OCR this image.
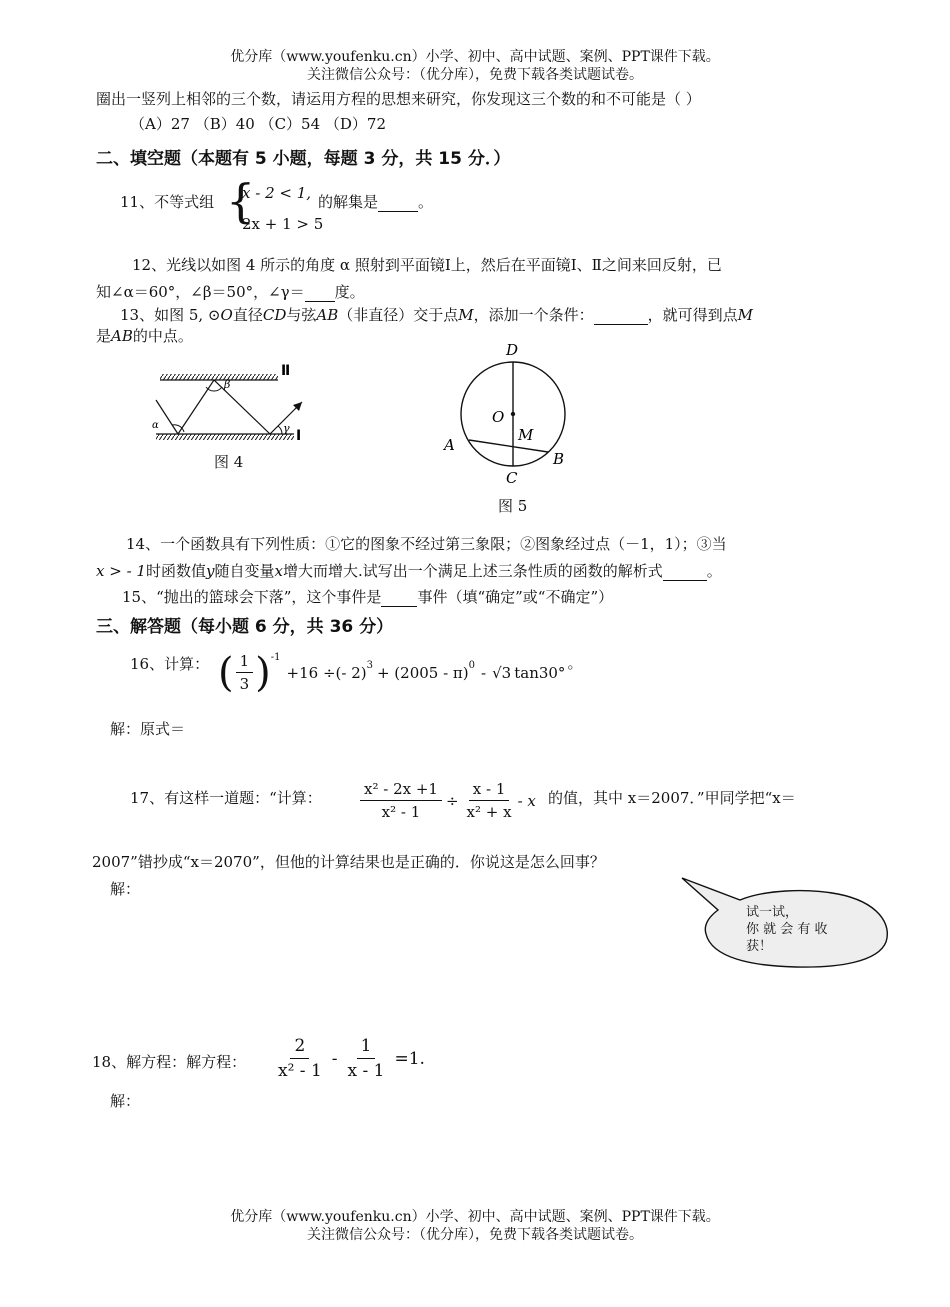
优分库（www.youfenku.cn）小学、初中、高中试题、案例、PPT课件下载。
关注微信公众号：（优分库），免费下载各类试题试卷。
圈出一竖列上相邻的三个数，请运用方程的思想来研究，你发现这三个数的和不可能是（ ）
（A）27 （B）40 （C）54 （D）72
二、填空题（本题有 5 小题，每题 3 分，共 15 分．）
11、不等式组 {
x - 2 < 1,
2x + 1 > 5
的解集是	。
12、光线以如图 4 所示的角度 α 照射到平面镜Ⅰ上，然后在平面镜Ⅰ、Ⅱ之间来回反射，已
知∠α＝60°，∠β＝50°，∠γ＝ 度。
13、如图 5, ⊙O直径CD与弦AB（非直径）交于点M，添加一个条件：	，就可得到点M
是AB的中点。
α
β
γ
Ⅱ
Ⅰ
图 4
D
O
M
A
B
C
图 5
14、一个函数具有下列性质：①它的图象不经过第三象限；②图象经过点（－1，1）；③当
x > - 1时函数值y随自变量x增大而增大.试写出一个满足上述三条性质的函数的解析式	。
15、“抛出的篮球会下落”，这个事件是 事件（填“确定”或“不确定”）
三、解答题（每小题 6 分，共 36 分）
16、计算： ( $\frac{1}{3} )^{-1}$
+16 ÷(- 2)$^3$ + (2005 - π)$^0$ - √3 tan30°
。
解：原式＝
17、有这样一道题：“计算：	$\frac{\text{x² - 2x +1}}{\text{x² - 1}} \div \frac{x - 1}{\text{x² + x}} - x$ 的值，其中 x＝2007．”甲同学把“x＝
2007”错抄成“x＝2070”，但他的计算结果也是正确的．你说这是怎么回事？
解：
试一试，
你 就 会 有 收
获！
18、解方程：解方程： $\frac{2}{\text{x² - 1}} - \frac{1}{x - 1} =1$.
解：
优分库（www.youfenku.cn）小学、初中、高中试题、案例、PPT课件下载。
关注微信公众号：（优分库），免费下载各类试题试卷。
